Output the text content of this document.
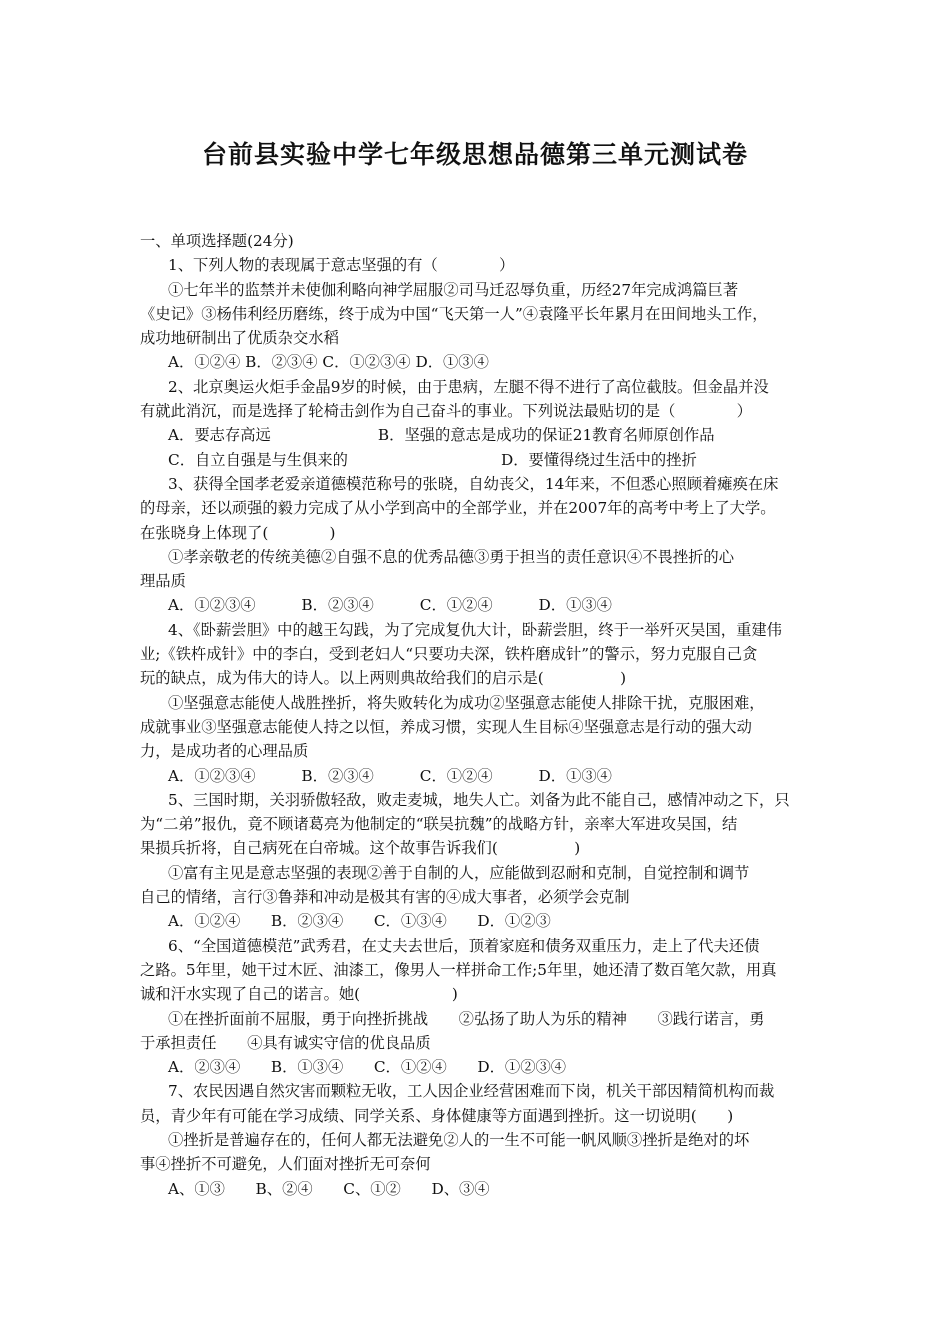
台前县实验中学七年级思想品德第三单元测试卷
一、单项选择题(24分)
1、下列人物的表现属于意志坚强的有（　　　　）
①七年半的监禁并未使伽利略向神学屈服②司马迁忍辱负重，历经27年完成鸿篇巨著
《史记》③杨伟利经历磨练，终于成为中国“飞天第一人”④袁隆平长年累月在田间地头工作，
成功地研制出了优质杂交水稻
A．①②④ B．②③④ C．①②③④ D．①③④
2、北京奥运火炬手金晶9岁的时候，由于患病，左腿不得不进行了高位截肢。但金晶并没
有就此消沉，而是选择了轮椅击剑作为自己奋斗的事业。下列说法最贴切的是（　　　　）
A．要志存高远　　　　　　　B．坚强的意志是成功的保证21教育名师原创作品
C．自立自强是与生俱来的　　　　　　　　　　D．要懂得绕过生活中的挫折
3、获得全国孝老爱亲道德模范称号的张晓，自幼丧父，14年来，不但悉心照顾着瘫痪在床
的母亲，还以顽强的毅力完成了从小学到高中的全部学业，并在2007年的高考中考上了大学。
在张晓身上体现了(　　　　)
①孝亲敬老的传统美德②自强不息的优秀品德③勇于担当的责任意识④不畏挫折的心
理品质
A．①②③④　　　B．②③④　　　C．①②④　　　D．①③④
4、《卧薪尝胆》中的越王勾践，为了完成复仇大计，卧薪尝胆，终于一举歼灭吴国，重建伟
业;《铁杵成针》中的李白，受到老妇人“只要功夫深，铁杵磨成针”的警示，努力克服自己贪
玩的缺点，成为伟大的诗人。以上两则典故给我们的启示是(　　　　　)
①坚强意志能使人战胜挫折，将失败转化为成功②坚强意志能使人排除干扰，克服困难，
成就事业③坚强意志能使人持之以恒，养成习惯，实现人生目标④坚强意志是行动的强大动
力，是成功者的心理品质
A．①②③④　　　B．②③④　　　C．①②④　　　D．①③④
5、三国时期，关羽骄傲轻敌，败走麦城，地失人亡。刘备为此不能自己，感情冲动之下，只
为“二弟”报仇，竟不顾诸葛亮为他制定的“联吴抗魏”的战略方针，亲率大军进攻吴国，结
果损兵折将，自己病死在白帝城。这个故事告诉我们(　　　　　)
①富有主见是意志坚强的表现②善于自制的人，应能做到忍耐和克制，自觉控制和调节
自己的情绪，言行③鲁莽和冲动是极其有害的④成大事者，必须学会克制
A．①②④　　B．②③④　　C．①③④　　D．①②③
6、“全国道德模范”武秀君，在丈夫去世后，顶着家庭和债务双重压力，走上了代夫还债
之路。5年里，她干过木匠、油漆工，像男人一样拼命工作;5年里，她还清了数百笔欠款，用真
诚和汗水实现了自己的诺言。她(　　　　　　)
①在挫折面前不屈服，勇于向挫折挑战　　②弘扬了助人为乐的精神　　③践行诺言，勇
于承担责任　　④具有诚实守信的优良品质
A．②③④　　B．①③④　　C．①②④　　D．①②③④
7、农民因遇自然灾害而颗粒无收，工人因企业经营困难而下岗，机关干部因精简机构而裁
员，青少年有可能在学习成绩、同学关系、身体健康等方面遇到挫折。这一切说明(　　)
①挫折是普遍存在的，任何人都无法避免②人的一生不可能一帆风顺③挫折是绝对的坏
事④挫折不可避免，人们面对挫折无可奈何
A、①③　　B、②④　　C、①②　　D、③④
